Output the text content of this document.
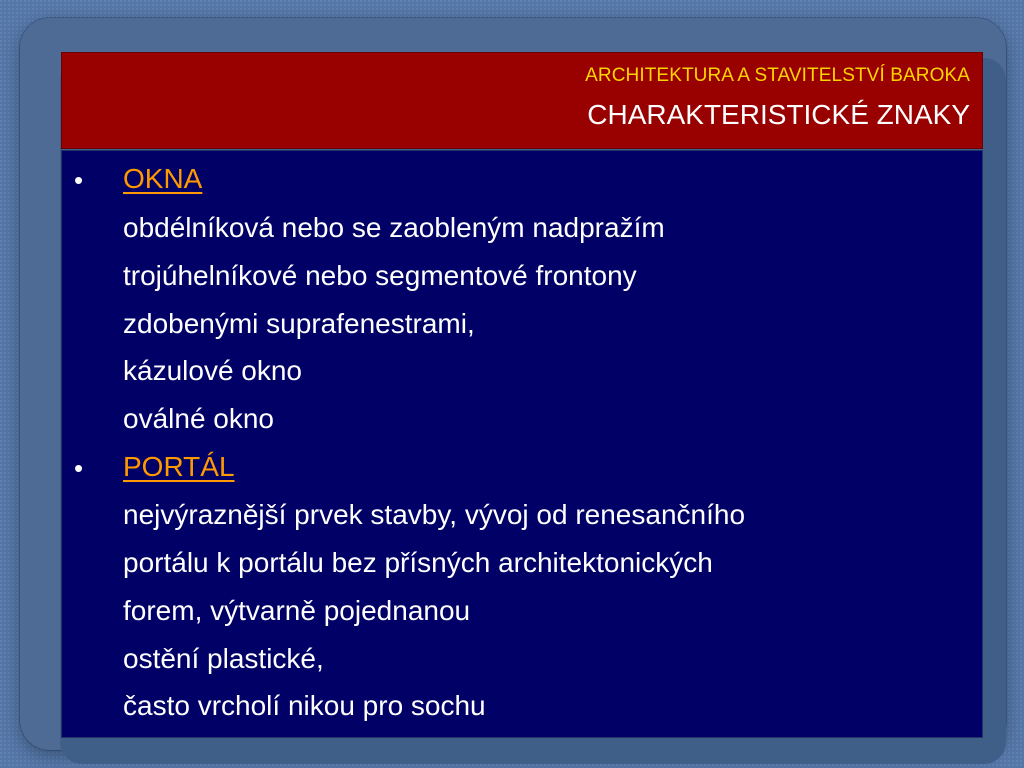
ARCHITEKTURA A STAVITELSTVÍ BAROKA
CHARAKTERISTICKÉ ZNAKY
• OKNA
obdélníková nebo se zaobleným nadpražím
trojúhelníkové nebo segmentové frontony
zdobenými suprafenestrami,
kázulové okno
oválné okno
• PORTÁL
nejvýraznější prvek stavby, vývoj od renesančního
portálu k portálu bez přísných architektonických
forem, výtvarně pojednanou
ostění plastické,
často vrcholí nikou pro sochu
